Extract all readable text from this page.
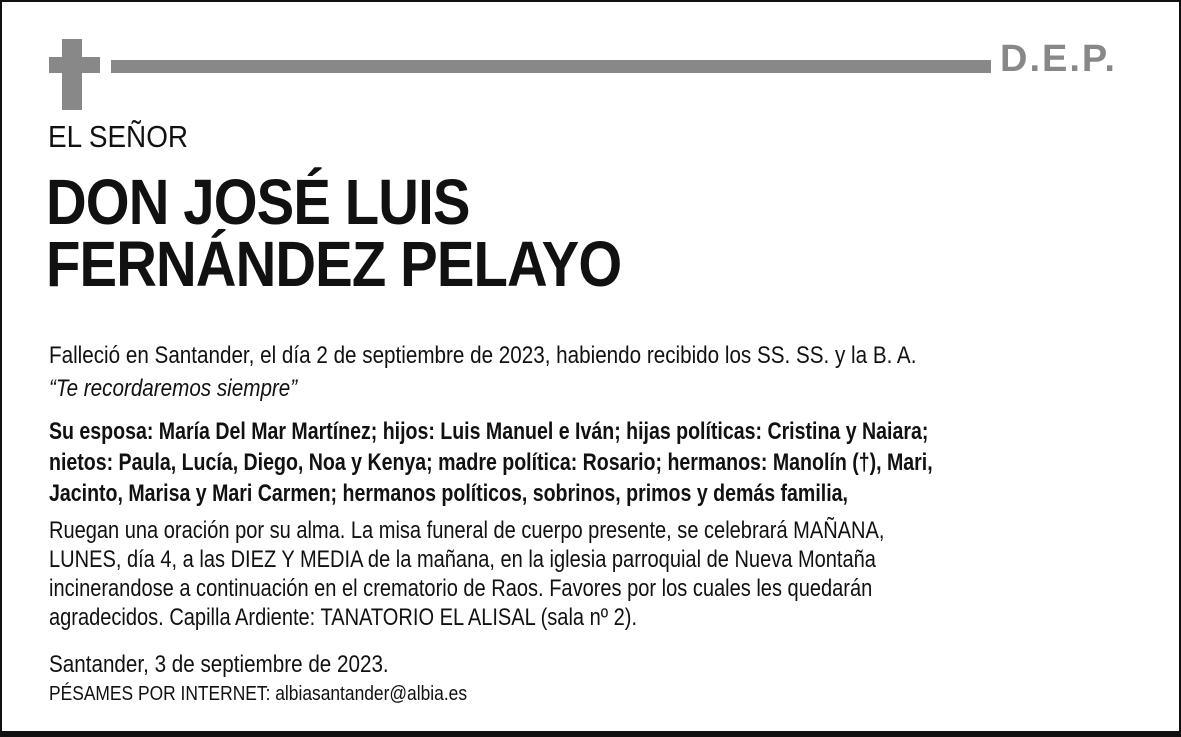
D.E.P.
EL SEÑOR
DON JOSÉ LUIS
FERNÁNDEZ PELAYO
Falleció en Santander, el día 2 de septiembre de 2023, habiendo recibido los SS. SS. y la B. A.
“Te recordaremos siempre”
Su esposa: María Del Mar Martínez; hijos: Luis Manuel e Iván; hijas políticas: Cristina y Naiara;
nietos: Paula, Lucía, Diego, Noa y Kenya; madre política: Rosario; hermanos: Manolín (†), Mari,
Jacinto, Marisa y Mari Carmen; hermanos políticos, sobrinos, primos y demás familia,
Ruegan una oración por su alma. La misa funeral de cuerpo presente, se celebrará MAÑANA,
LUNES, día 4, a las DIEZ Y MEDIA de la mañana, en la iglesia parroquial de Nueva Montaña
incinerandose a continuación en el crematorio de Raos. Favores por los cuales les quedarán
agradecidos. Capilla Ardiente: TANATORIO EL ALISAL (sala nº 2).
Santander, 3 de septiembre de 2023.
PÉSAMES POR INTERNET: albiasantander@albia.es
